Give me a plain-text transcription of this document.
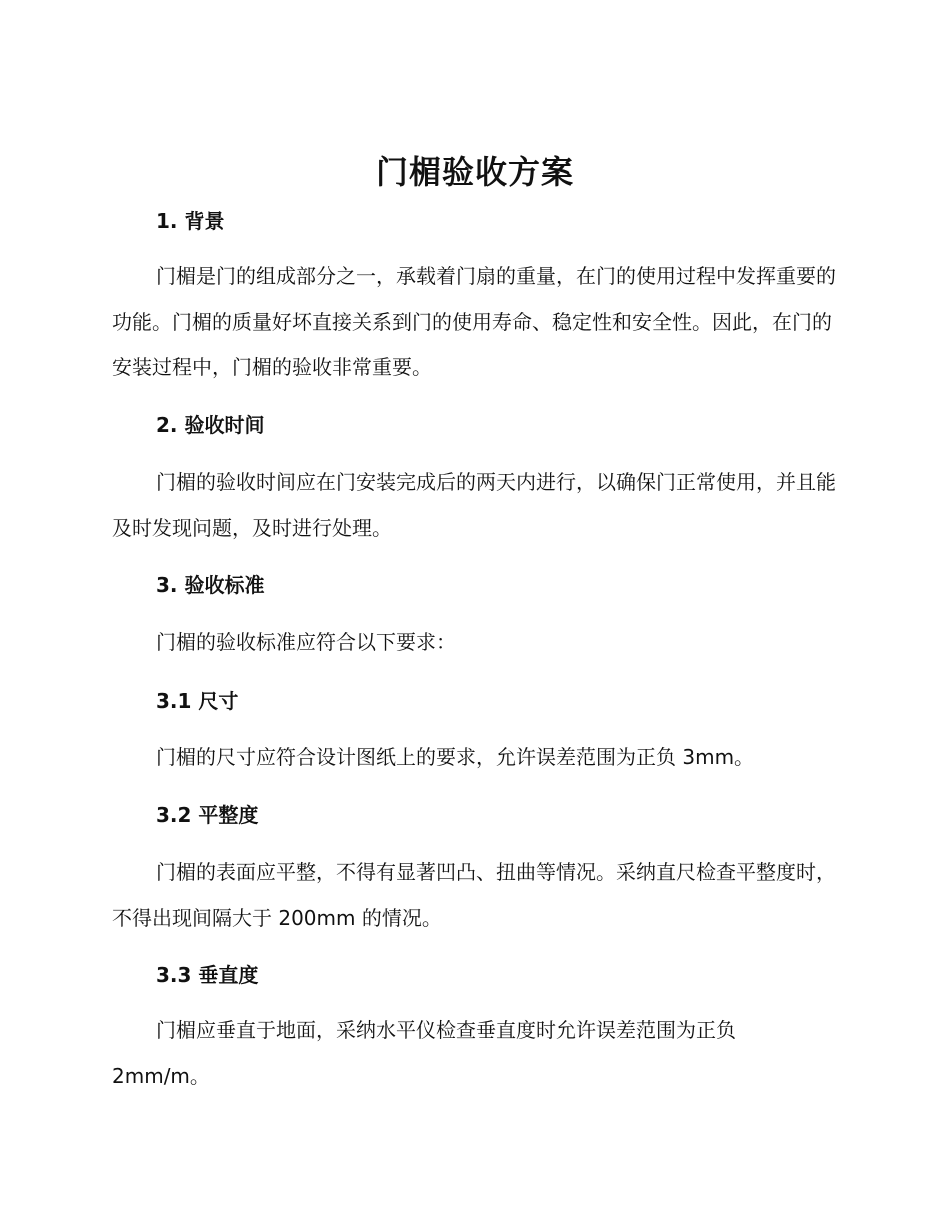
门楣验收方案
1. 背景

门楣是门的组成部分之一，承载着门扇的重量，在门的使用过程中发挥重要的功能。门楣的质量好坏直接关系到门的使用寿命、稳定性和安全性。因此，在门的安装过程中，门楣的验收非常重要。

2. 验收时间

门楣的验收时间应在门安装完成后的两天内进行，以确保门正常使用，并且能及时发现问题，及时进行处理。

3. 验收标准

门楣的验收标准应符合以下要求：

3.1 尺寸

门楣的尺寸应符合设计图纸上的要求，允许误差范围为正负 3mm。

3.2 平整度

门楣的表面应平整，不得有显著凹凸、扭曲等情况。采纳直尺检查平整度时，不得出现间隔大于 200mm 的情况。

3.3 垂直度

门楣应垂直于地面，采纳水平仪检查垂直度时允许误差范围为正负 2mm/m。
